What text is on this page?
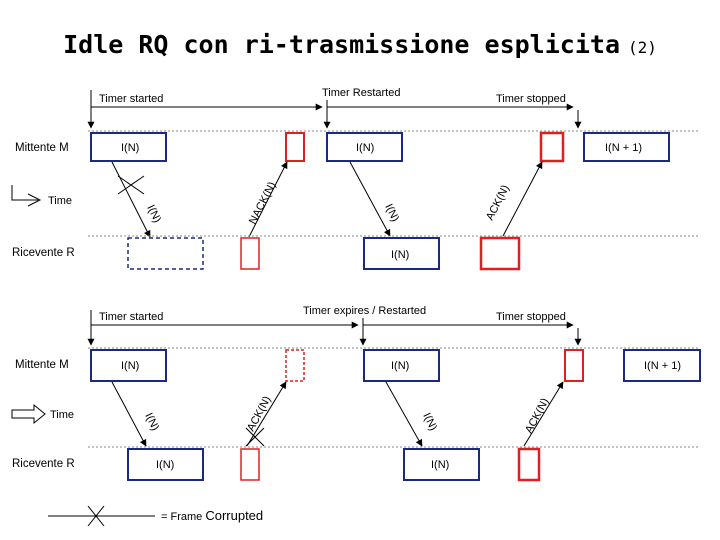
Idle RQ con ri-trasmissione esplicita (2)
Timer started	Timer Restarted	Timer stopped
Mittente M	I(N)	I(N)	I(N + 1)
Time
I(N)	NACK(N)	I(N)	ACK(N)
Ricevente R	I(N)
Timer started	Timer expires / Restarted	Timer stopped
Mittente M	I(N)	I(N)	I(N + 1)
Time	I(N)	ACK(N)	I(N)	ACK(N)
Ricevente R	I(N)	I(N)
= Frame Corrupted
